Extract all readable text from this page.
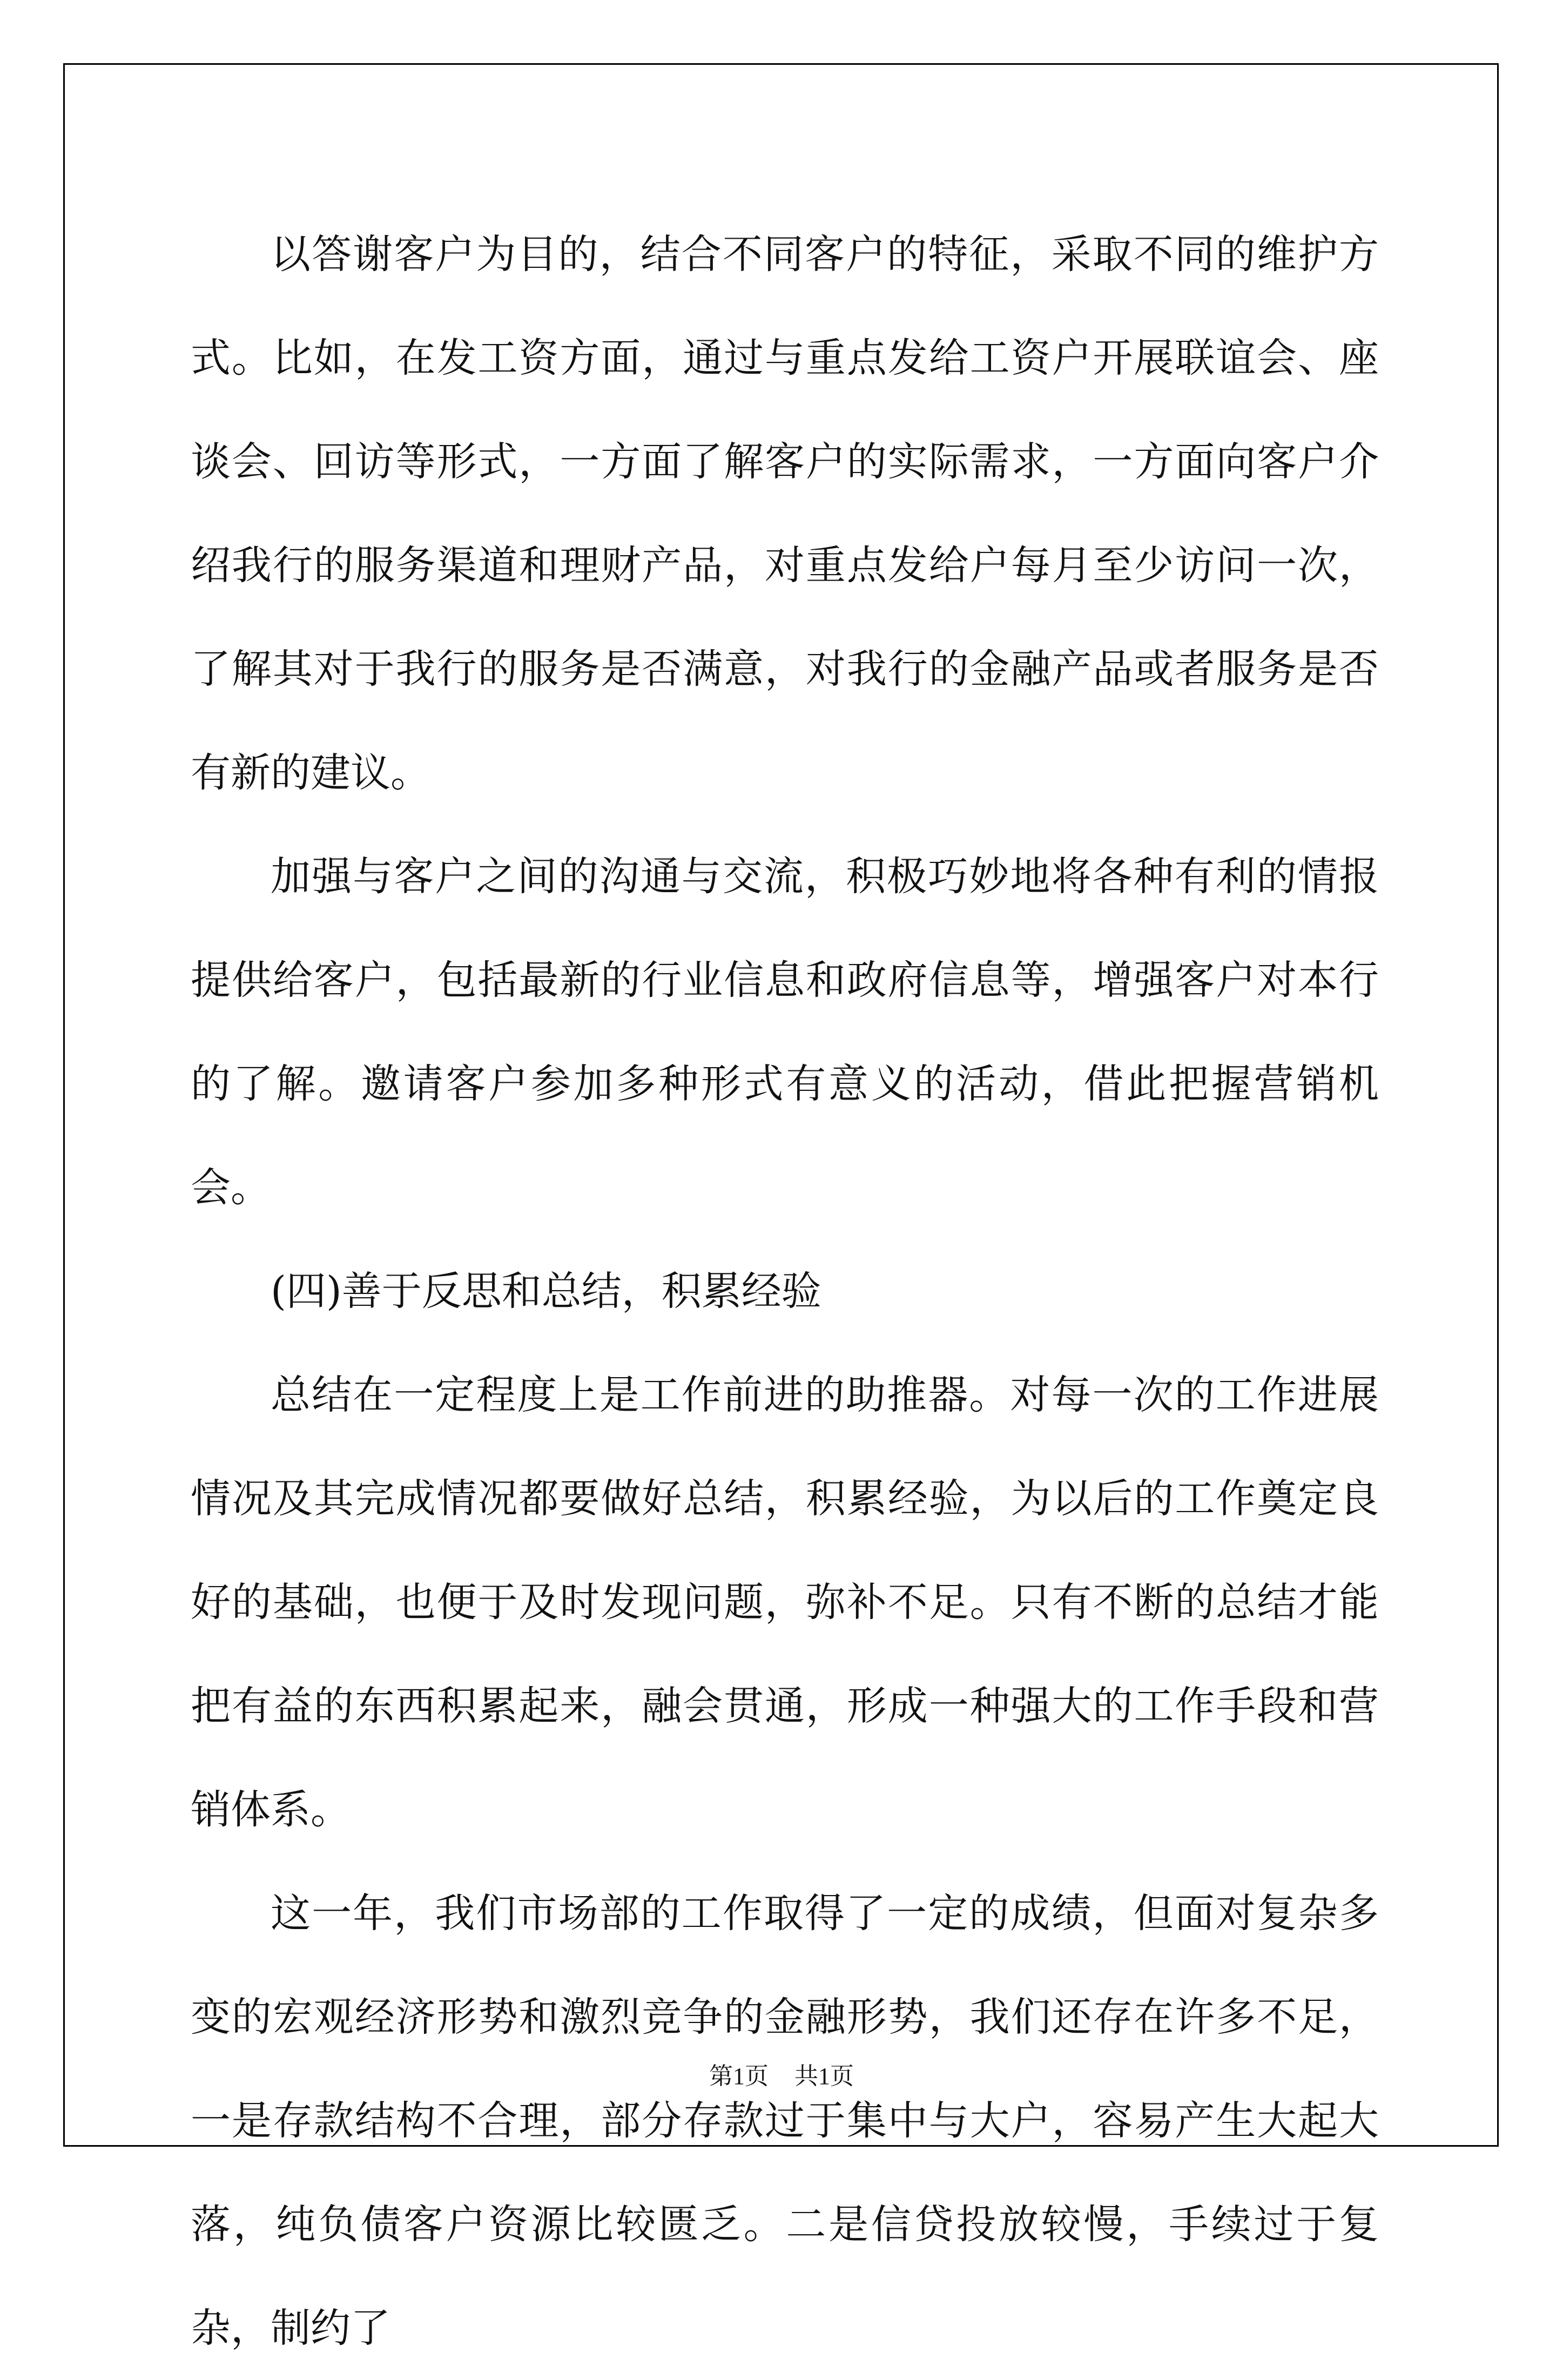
以答谢客户为目的，结合不同客户的特征，采取不同的维护方式。比如，在发工资方面，通过与重点发给工资户开展联谊会、座谈会、回访等形式，一方面了解客户的实际需求，一方面向客户介绍我行的服务渠道和理财产品，对重点发给户每月至少访问一次，了解其对于我行的服务是否满意，对我行的金融产品或者服务是否有新的建议。

加强与客户之间的沟通与交流，积极巧妙地将各种有利的情报提供给客户，包括最新的行业信息和政府信息等，增强客户对本行的了解。邀请客户参加多种形式有意义的活动，借此把握营销机会。

(四)善于反思和总结，积累经验

总结在一定程度上是工作前进的助推器。对每一次的工作进展情况及其完成情况都要做好总结，积累经验，为以后的工作奠定良好的基础，也便于及时发现问题，弥补不足。只有不断的总结才能把有益的东西积累起来，融会贯通，形成一种强大的工作手段和营销体系。

这一年，我们市场部的工作取得了一定的成绩，但面对复杂多变的宏观经济形势和激烈竞争的金融形势，我们还存在许多不足，一是存款结构不合理，部分存款过于集中与大户，容易产生大起大落，纯负债客户资源比较匮乏。二是信贷投放较慢，手续过于复杂，制约了

第1页 共1页
